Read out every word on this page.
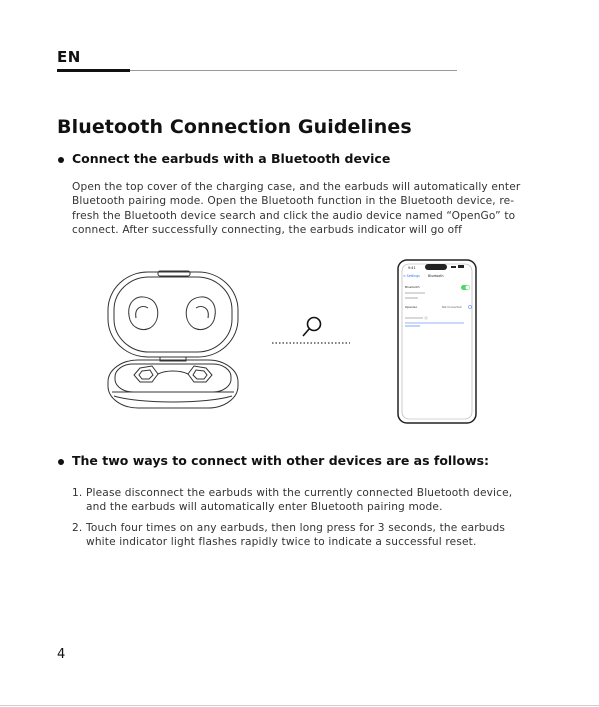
EN
Bluetooth Connection Guidelines
Connect the earbuds with a Bluetooth device
Open the top cover of the charging case, and the earbuds will automatically enter
Bluetooth pairing mode. Open the Bluetooth function in the Bluetooth device, re-
fresh the Bluetooth device search and click the audio device named “OpenGo” to
connect. After successfully connecting, the earbuds indicator will go off
9:41
< Settings	Bluetooth
Bluetooth
OpenGo	Not Connected
The two ways to connect with other devices are as follows:
1. Please disconnect the earbuds with the currently connected Bluetooth device,
and the earbuds will automatically enter Bluetooth pairing mode.
2. Touch four times on any earbuds, then long press for 3 seconds, the earbuds
white indicator light flashes rapidly twice to indicate a successful reset.
4
